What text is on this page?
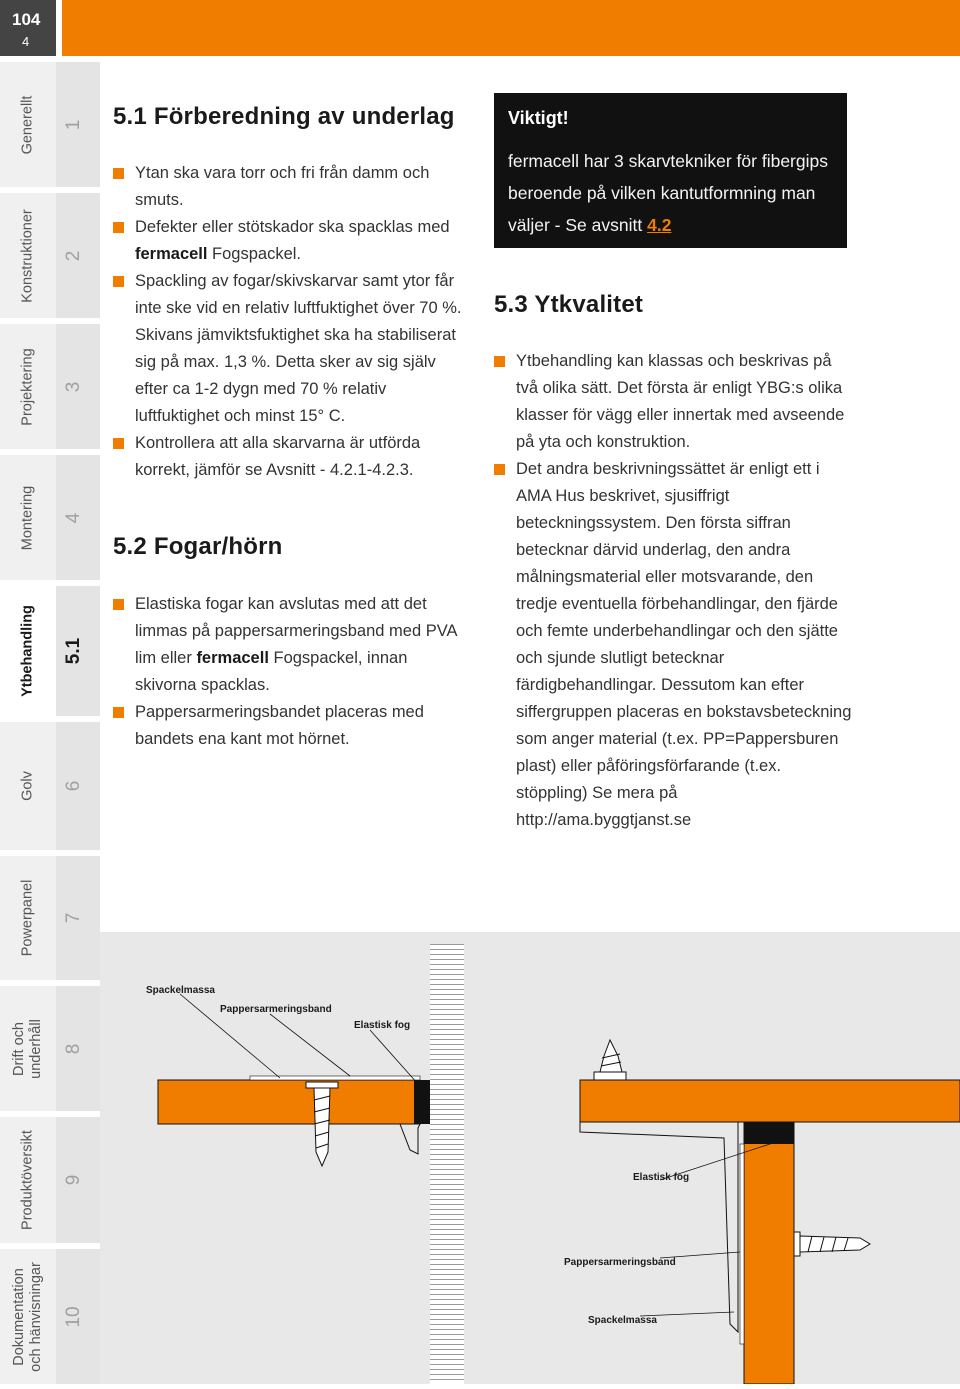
104
4
Generellt 1
Konstruktioner 2
Projektering 3
Montering 4
Ytbehandling 5.1
Golv 6
Powerpanel 7
Drift och underhåll 8
Produktöversikt 9
Dokumentation och hänvisningar 10
5.1 Förberedning av underlag
Ytan ska vara torr och fri från damm och smuts.
Defekter eller stötskador ska spacklas med fermacell Fogspackel.
Spackling av fogar/skivskarvar samt ytor får inte ske vid en relativ luftfuktighet över 70 %. Skivans jämviktsfuktighet ska ha stabiliserat sig på max. 1,3 %. Detta sker av sig själv efter ca 1-2 dygn med 70 % relativ luftfuktighet och minst 15° C.
Kontrollera att alla skarvarna är utförda korrekt, jämför se Avsnitt - 4.2.1-4.2.3.
5.2 Fogar/hörn
Elastiska fogar kan avslutas med att det limmas på pappersarmeringsband med PVA lim eller fermacell Fogspackel, innan skivorna spacklas.
Pappersarmeringsbandet placeras med bandets ena kant mot hörnet.
Viktigt!
fermacell har 3 skarvtekniker för fibergips beroende på vilken kantutformning man väljer - Se avsnitt 4.2
5.3 Ytkvalitet
Ytbehandling kan klassas och beskrivas på två olika sätt. Det första är enligt YBG:s olika klasser för vägg eller innertak med avseende på yta och konstruktion.
Det andra beskrivningssättet är enligt ett i AMA Hus beskrivet, sjusiffrigt beteckningssystem. Den första siffran betecknar därvid underlag, den andra målningsmaterial eller motsvarande, den tredje eventuella förbehandlingar, den fjärde och femte underbehandlingar och den sjätte och sjunde slutligt betecknar färdigbehandlingar. Dessutom kan efter siffergruppen placeras en bokstavsbeteckning som anger material (t.ex. PP=Pappersburen plast) eller påföringsförfarande (t.ex. stöppling) Se mera på http://ama.byggtjanst.se
Spackelmassa
Pappersarmeringsband
Elastisk fog
Elastisk fog
Pappersarmeringsband
Spackelmassa
